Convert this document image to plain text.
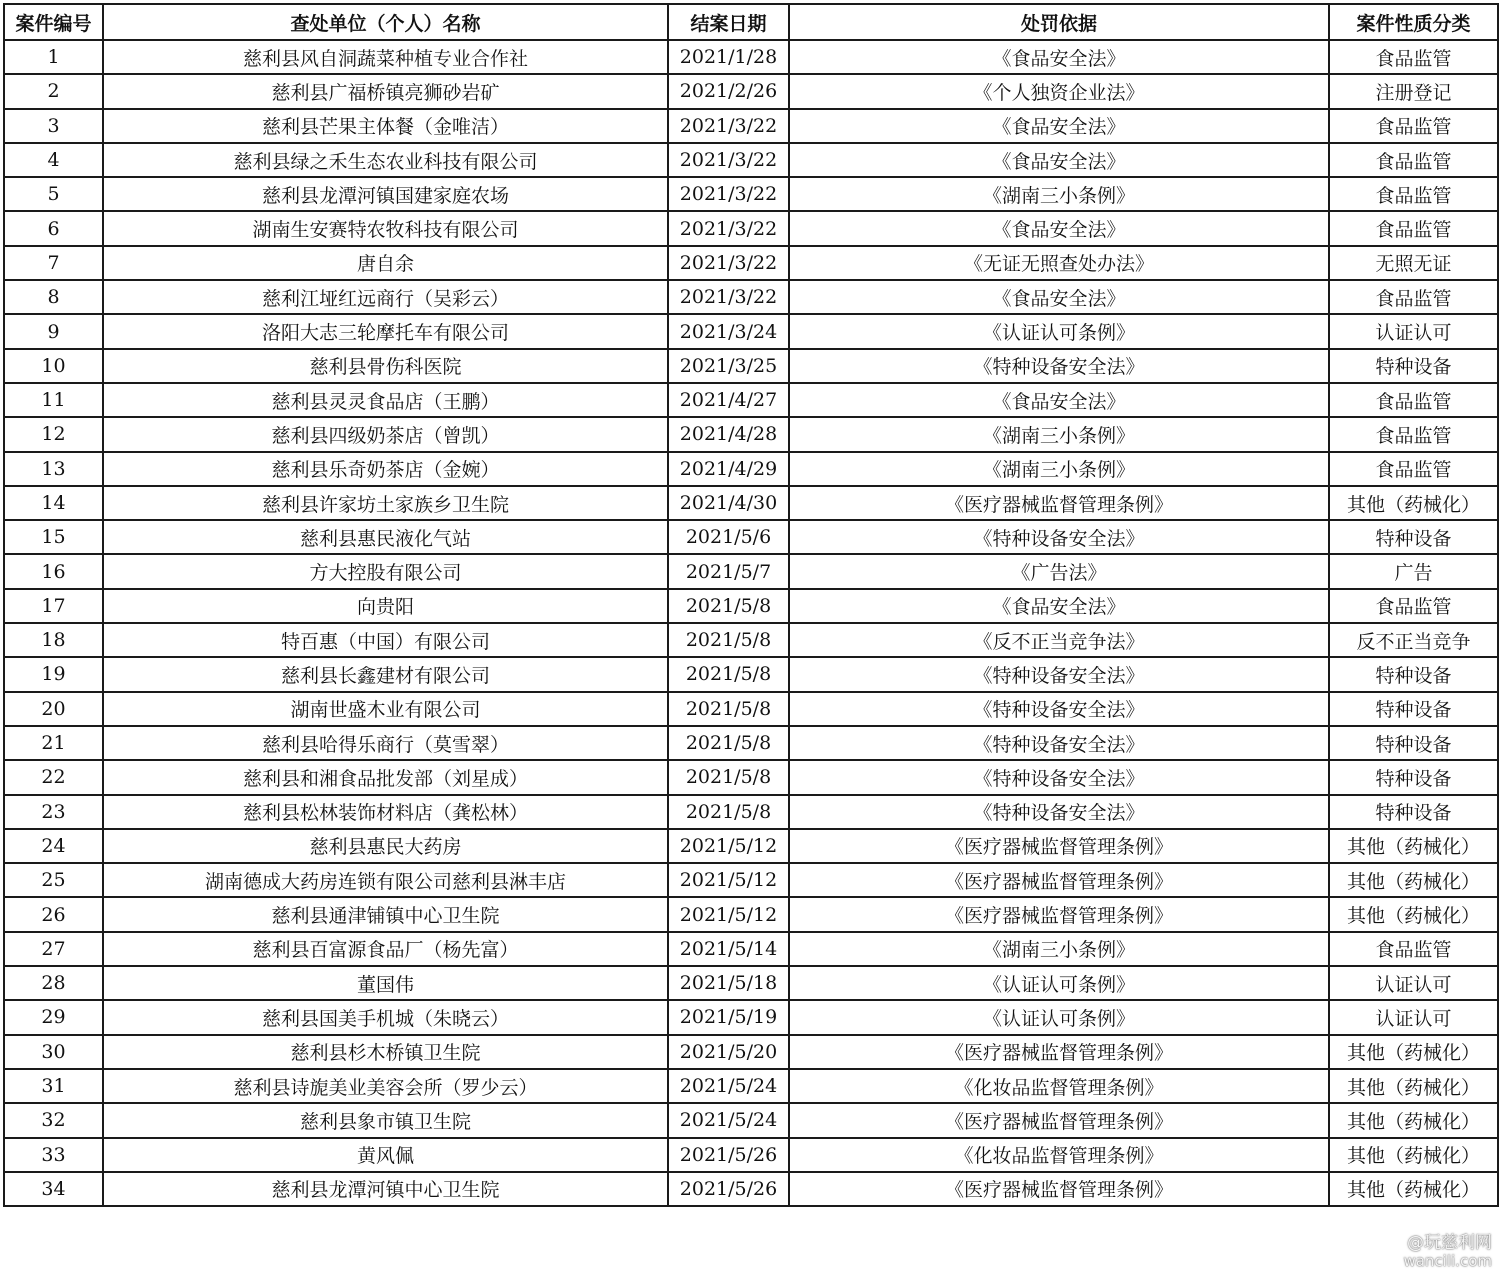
案件编号	查处单位（个人）名称	结案日期	处罚依据	案件性质分类
1	慈利县风自洞蔬菜种植专业合作社	2021/1/28	《食品安全法》	食品监管
2	慈利县广福桥镇亮狮砂岩矿	2021/2/26	《个人独资企业法》	注册登记
3	慈利县芒果主体餐（金唯洁）	2021/3/22	《食品安全法》	食品监管
4	慈利县绿之禾生态农业科技有限公司	2021/3/22	《食品安全法》	食品监管
5	慈利县龙潭河镇国建家庭农场	2021/3/22	《湖南三小条例》	食品监管
6	湖南生安赛特农牧科技有限公司	2021/3/22	《食品安全法》	食品监管
7	唐自余	2021/3/22	《无证无照查处办法》	无照无证
8	慈利江垭红远商行（吴彩云）	2021/3/22	《食品安全法》	食品监管
9	洛阳大志三轮摩托车有限公司	2021/3/24	《认证认可条例》	认证认可
10	慈利县骨伤科医院	2021/3/25	《特种设备安全法》	特种设备
11	慈利县灵灵食品店（王鹏）	2021/4/27	《食品安全法》	食品监管
12	慈利县四级奶茶店（曾凯）	2021/4/28	《湖南三小条例》	食品监管
13	慈利县乐奇奶茶店（金婉）	2021/4/29	《湖南三小条例》	食品监管
14	慈利县许家坊土家族乡卫生院	2021/4/30	《医疗器械监督管理条例》	其他（药械化）
15	慈利县惠民液化气站	2021/5/6	《特种设备安全法》	特种设备
16	方大控股有限公司	2021/5/7	《广告法》	广告
17	向贵阳	2021/5/8	《食品安全法》	食品监管
18	特百惠（中国）有限公司	2021/5/8	《反不正当竞争法》	反不正当竞争
19	慈利县长鑫建材有限公司	2021/5/8	《特种设备安全法》	特种设备
20	湖南世盛木业有限公司	2021/5/8	《特种设备安全法》	特种设备
21	慈利县哈得乐商行（莫雪翠）	2021/5/8	《特种设备安全法》	特种设备
22	慈利县和湘食品批发部（刘星成）	2021/5/8	《特种设备安全法》	特种设备
23	慈利县松林装饰材料店（龚松林）	2021/5/8	《特种设备安全法》	特种设备
24	慈利县惠民大药房	2021/5/12	《医疗器械监督管理条例》	其他（药械化）
25	湖南德成大药房连锁有限公司慈利县淋丰店	2021/5/12	《医疗器械监督管理条例》	其他（药械化）
26	慈利县通津铺镇中心卫生院	2021/5/12	《医疗器械监督管理条例》	其他（药械化）
27	慈利县百富源食品厂（杨先富）	2021/5/14	《湖南三小条例》	食品监管
28	董国伟	2021/5/18	《认证认可条例》	认证认可
29	慈利县国美手机城（朱晓云）	2021/5/19	《认证认可条例》	认证认可
30	慈利县杉木桥镇卫生院	2021/5/20	《医疗器械监督管理条例》	其他（药械化）
31	慈利县诗旎美业美容会所（罗少云）	2021/5/24	《化妆品监督管理条例》	其他（药械化）
32	慈利县象市镇卫生院	2021/5/24	《医疗器械监督管理条例》	其他（药械化）
33	黄风佩	2021/5/26	《化妆品监督管理条例》	其他（药械化）
34	慈利县龙潭河镇中心卫生院	2021/5/26	《医疗器械监督管理条例》	其他（药械化）
@玩慈利网
wancili.com
